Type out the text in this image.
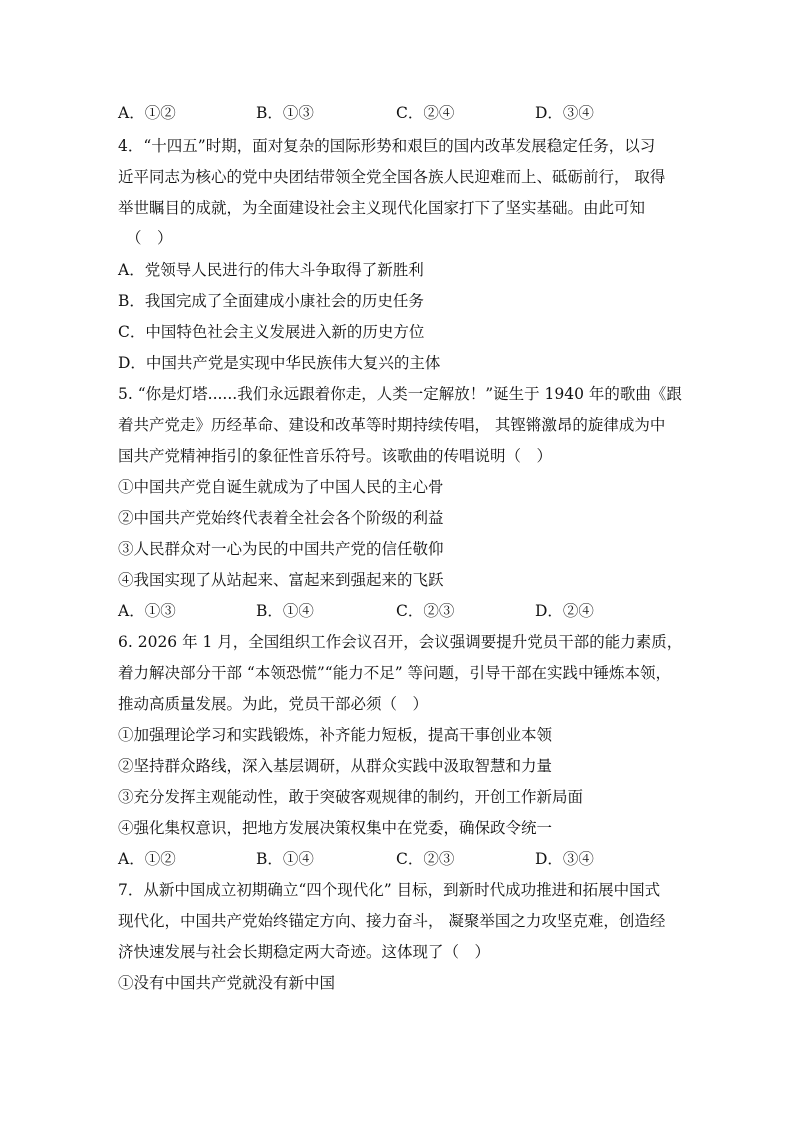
A．①②	B．①③	C．②④	D．③④
4．“十四五”时期，面对复杂的国际形势和艰巨的国内改革发展稳定任务，以习
近平同志为核心的党中央团结带领全党全国各族人民迎难而上、砥砺前行， 取得
举世瞩目的成就，为全面建设社会主义现代化国家打下了坚实基础。由此可知
（　）
A．党领导人民进行的伟大斗争取得了新胜利
B．我国完成了全面建成小康社会的历史任务
C．中国特色社会主义发展进入新的历史方位
D．中国共产党是实现中华民族伟大复兴的主体
5. “你是灯塔......我们永远跟着你走，人类一定解放！”诞生于 1940 年的歌曲《跟
着共产党走》历经革命、建设和改革等时期持续传唱， 其铿锵激昂的旋律成为中
国共产党精神指引的象征性音乐符号。该歌曲的传唱说明（　）
①中国共产党自诞生就成为了中国人民的主心骨
②中国共产党始终代表着全社会各个阶级的利益
③人民群众对一心为民的中国共产党的信任敬仰
④我国实现了从站起来、富起来到强起来的飞跃
A．①③	B．①④	C．②③	D．②④
6. 2026 年 1 月，全国组织工作会议召开，会议强调要提升党员干部的能力素质，
着力解决部分干部 “本领恐慌”“能力不足” 等问题，引导干部在实践中锤炼本领，
推动高质量发展。为此，党员干部必须（　）
①加强理论学习和实践锻炼，补齐能力短板，提高干事创业本领
②坚持群众路线，深入基层调研，从群众实践中汲取智慧和力量
③充分发挥主观能动性，敢于突破客观规律的制约，开创工作新局面
④强化集权意识，把地方发展决策权集中在党委，确保政令统一
A．①②	B．①④	C．②③	D．③④
7．从新中国成立初期确立“四个现代化” 目标，到新时代成功推进和拓展中国式
现代化，中国共产党始终锚定方向、接力奋斗， 凝聚举国之力攻坚克难，创造经
济快速发展与社会长期稳定两大奇迹。这体现了（　）
①没有中国共产党就没有新中国
